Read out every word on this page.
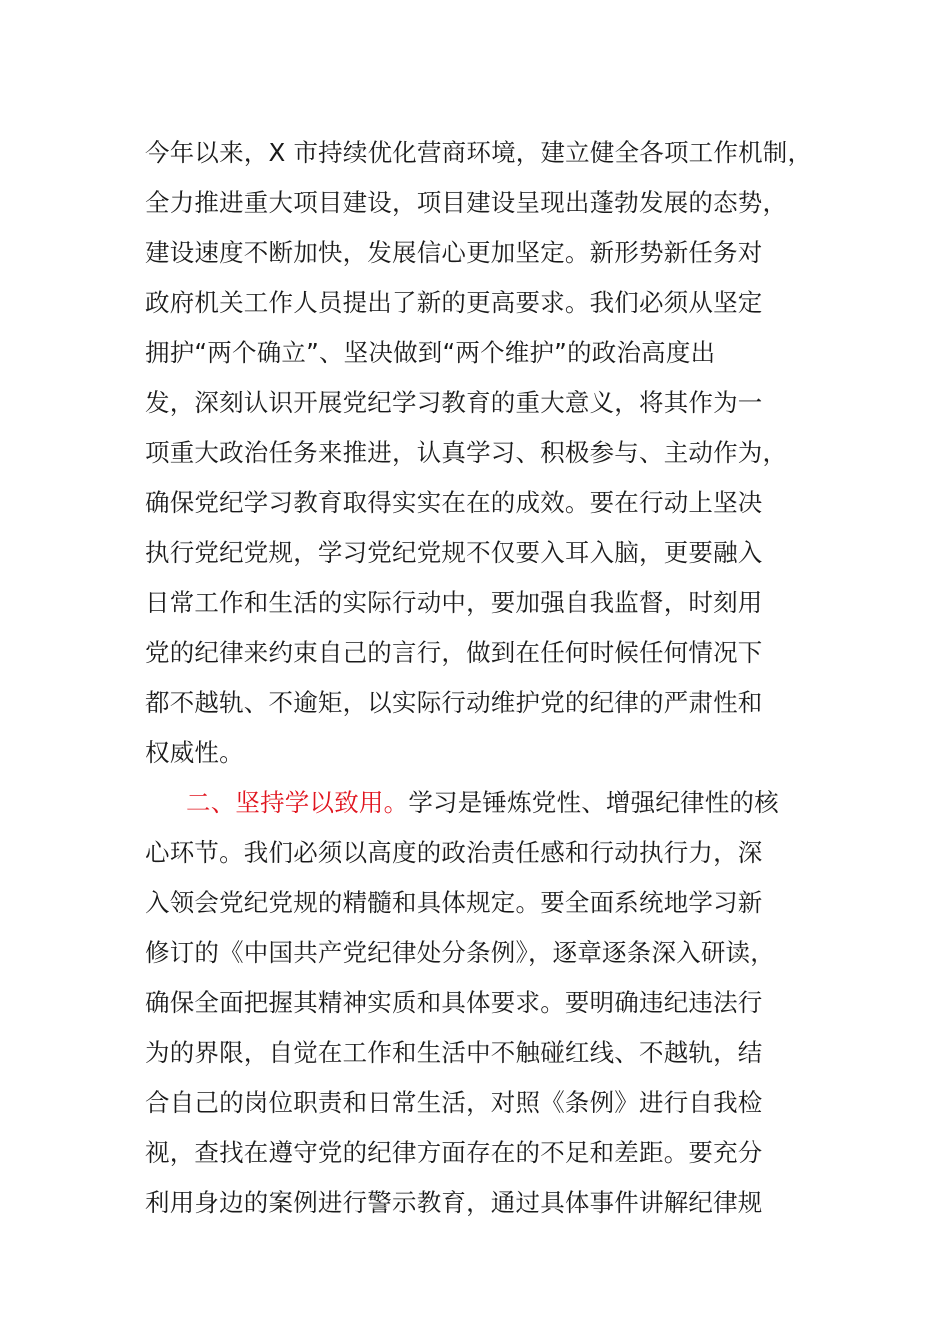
今年以来，X 市持续优化营商环境，建立健全各项工作机制，
全力推进重大项目建设，项目建设呈现出蓬勃发展的态势，
建设速度不断加快，发展信心更加坚定。新形势新任务对
政府机关工作人员提出了新的更高要求。我们必须从坚定
拥护“两个确立”、坚决做到“两个维护”的政治高度出
发，深刻认识开展党纪学习教育的重大意义，将其作为一
项重大政治任务来推进，认真学习、积极参与、主动作为，
确保党纪学习教育取得实实在在的成效。要在行动上坚决
执行党纪党规，学习党纪党规不仅要入耳入脑，更要融入
日常工作和生活的实际行动中，要加强自我监督，时刻用
党的纪律来约束自己的言行，做到在任何时候任何情况下
都不越轨、不逾矩，以实际行动维护党的纪律的严肃性和
权威性。
二、坚持学以致用。学习是锤炼党性、增强纪律性的核
心环节。我们必须以高度的政治责任感和行动执行力，深
入领会党纪党规的精髓和具体规定。要全面系统地学习新
修订的《中国共产党纪律处分条例》，逐章逐条深入研读，
确保全面把握其精神实质和具体要求。要明确违纪违法行
为的界限，自觉在工作和生活中不触碰红线、不越轨，结
合自己的岗位职责和日常生活，对照《条例》进行自我检
视，查找在遵守党的纪律方面存在的不足和差距。要充分
利用身边的案例进行警示教育，通过具体事件讲解纪律规
